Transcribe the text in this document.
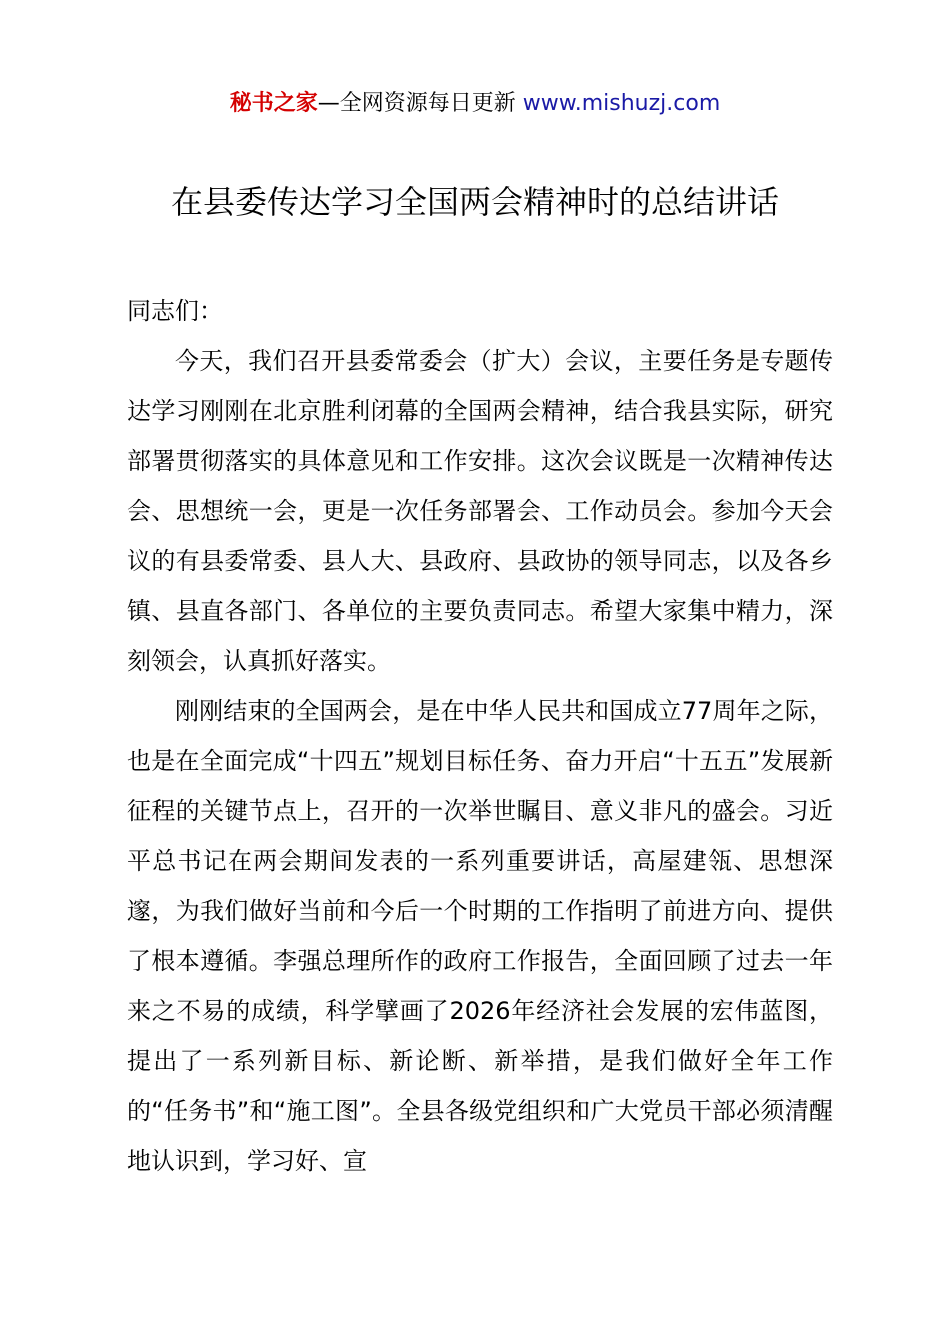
秘书之家—全网资源每日更新 www.mishuzj.com
在县委传达学习全国两会精神时的总结讲话

同志们：

今天，我们召开县委常委会（扩大）会议，主要任务是专题传达学习刚刚在北京胜利闭幕的全国两会精神，结合我县实际，研究部署贯彻落实的具体意见和工作安排。这次会议既是一次精神传达会、思想统一会，更是一次任务部署会、工作动员会。参加今天会议的有县委常委、县人大、县政府、县政协的领导同志，以及各乡镇、县直各部门、各单位的主要负责同志。希望大家集中精力，深刻领会，认真抓好落实。

刚刚结束的全国两会，是在中华人民共和国成立77周年之际，也是在全面完成“十四五”规划目标任务、奋力开启“十五五”发展新征程的关键节点上，召开的一次举世瞩目、意义非凡的盛会。习近平总书记在两会期间发表的一系列重要讲话，高屋建瓴、思想深邃，为我们做好当前和今后一个时期的工作指明了前进方向、提供了根本遵循。李强总理所作的政府工作报告，全面回顾了过去一年来之不易的成绩，科学擘画了2026年经济社会发展的宏伟蓝图，提出了一系列新目标、新论断、新举措，是我们做好全年工作的“任务书”和“施工图”。全县各级党组织和广大党员干部必须清醒地认识到，学习好、宣
